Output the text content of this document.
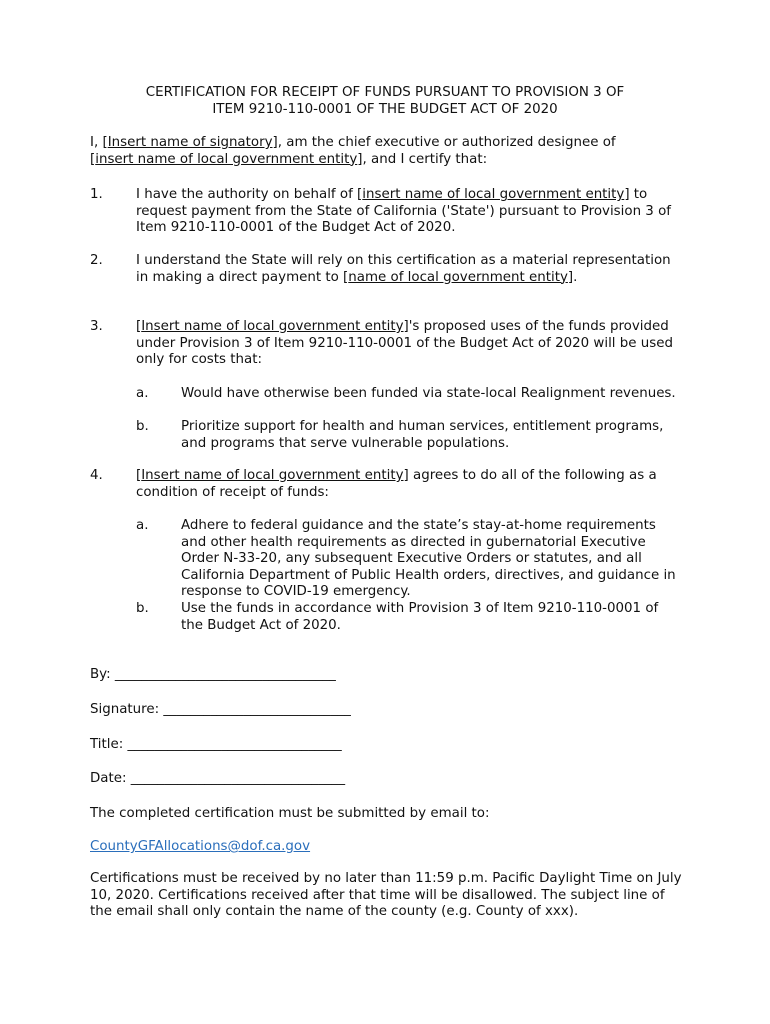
CERTIFICATION FOR RECEIPT OF FUNDS PURSUANT TO PROVISION 3 OF
ITEM 9210-110-0001 OF THE BUDGET ACT OF 2020
I, [Insert name of signatory], am the chief executive or authorized designee of
[insert name of local government entity], and I certify that:
1. I have the authority on behalf of [insert name of local government entity] to request payment from the State of California ('State') pursuant to Provision 3 of Item 9210-110-0001 of the Budget Act of 2020.
2. I understand the State will rely on this certification as a material representation in making a direct payment to [name of local government entity].
3. [Insert name of local government entity]'s proposed uses of the funds provided under Provision 3 of Item 9210-110-0001 of the Budget Act of 2020 will be used only for costs that:
a. Would have otherwise been funded via state-local Realignment revenues.
b. Prioritize support for health and human services, entitlement programs, and programs that serve vulnerable populations.
4. [Insert name of local government entity] agrees to do all of the following as a condition of receipt of funds:
a. Adhere to federal guidance and the state’s stay-at-home requirements and other health requirements as directed in gubernatorial Executive Order N-33-20, any subsequent Executive Orders or statutes, and all California Department of Public Health orders, directives, and guidance in response to COVID-19 emergency.
b. Use the funds in accordance with Provision 3 of Item 9210-110-0001 of the Budget Act of 2020.
By: _________________________________
Signature: ____________________________
Title: ________________________________
Date: ________________________________
The completed certification must be submitted by email to:
CountyGFAllocations@dof.ca.gov
Certifications must be received by no later than 11:59 p.m. Pacific Daylight Time on July 10, 2020. Certifications received after that time will be disallowed. The subject line of the email shall only contain the name of the county (e.g. County of xxx).
